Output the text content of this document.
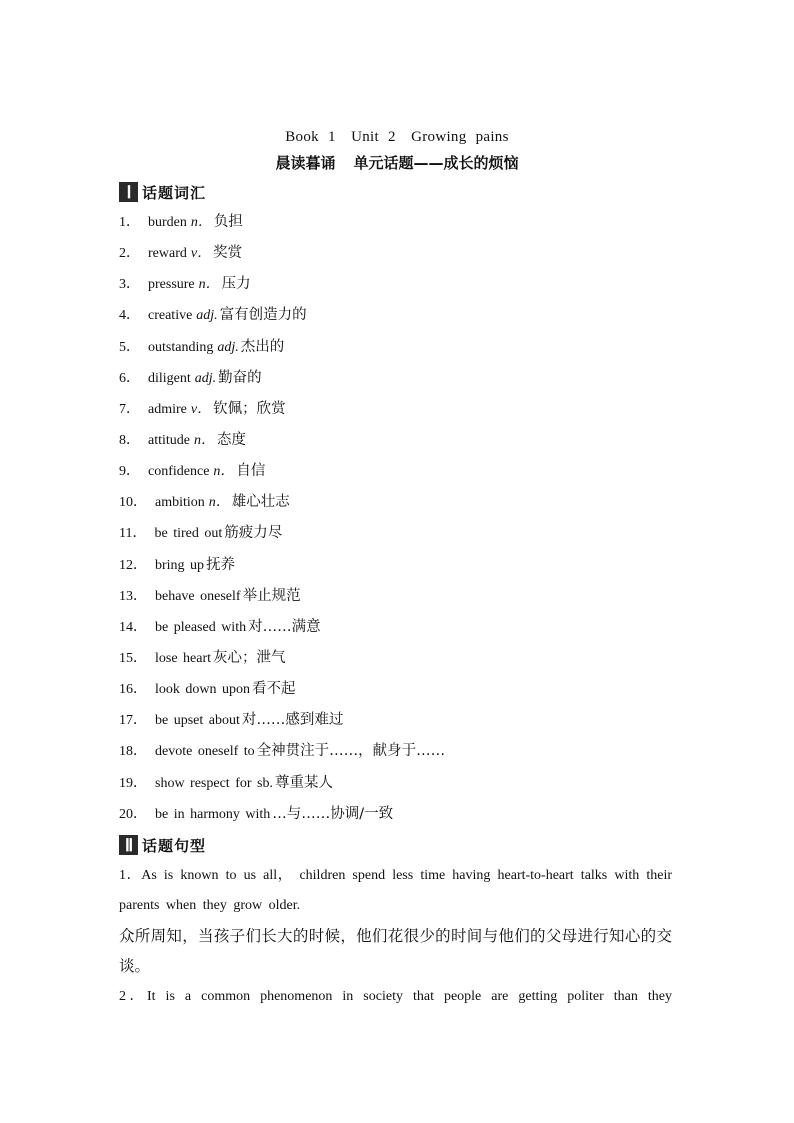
Book 1　Unit 2　Growing pains
晨读暮诵 单元话题——成长的烦恼
Ⅰ 话题词汇
1． burden n． 负担
2． reward v． 奖赏
3． pressure n． 压力
4． creative adj. 富有创造力的
5． outstanding adj. 杰出的
6． diligent adj. 勤奋的
7． admire v． 钦佩；欣赏
8． attitude n． 态度
9． confidence n． 自信
10． ambition n． 雄心壮志
11． be tired out 筋疲力尽
12． bring up 抚养
13． behave oneself 举止规范
14． be pleased with 对……满意
15． lose heart 灰心；泄气
16． look down upon 看不起
17． be upset about 对……感到难过
18． devote oneself to 全神贯注于……，献身于……
19． show respect for sb. 尊重某人
20． be in harmony with …与……协调/一致
Ⅱ 话题句型
1．As is known to us all， children spend less time having heart-to-heart talks with their parents when they grow older.
众所周知，当孩子们长大的时候，他们花很少的时间与他们的父母进行知心的交谈。
2．It is a common phenomenon in society that people are getting politer than they
